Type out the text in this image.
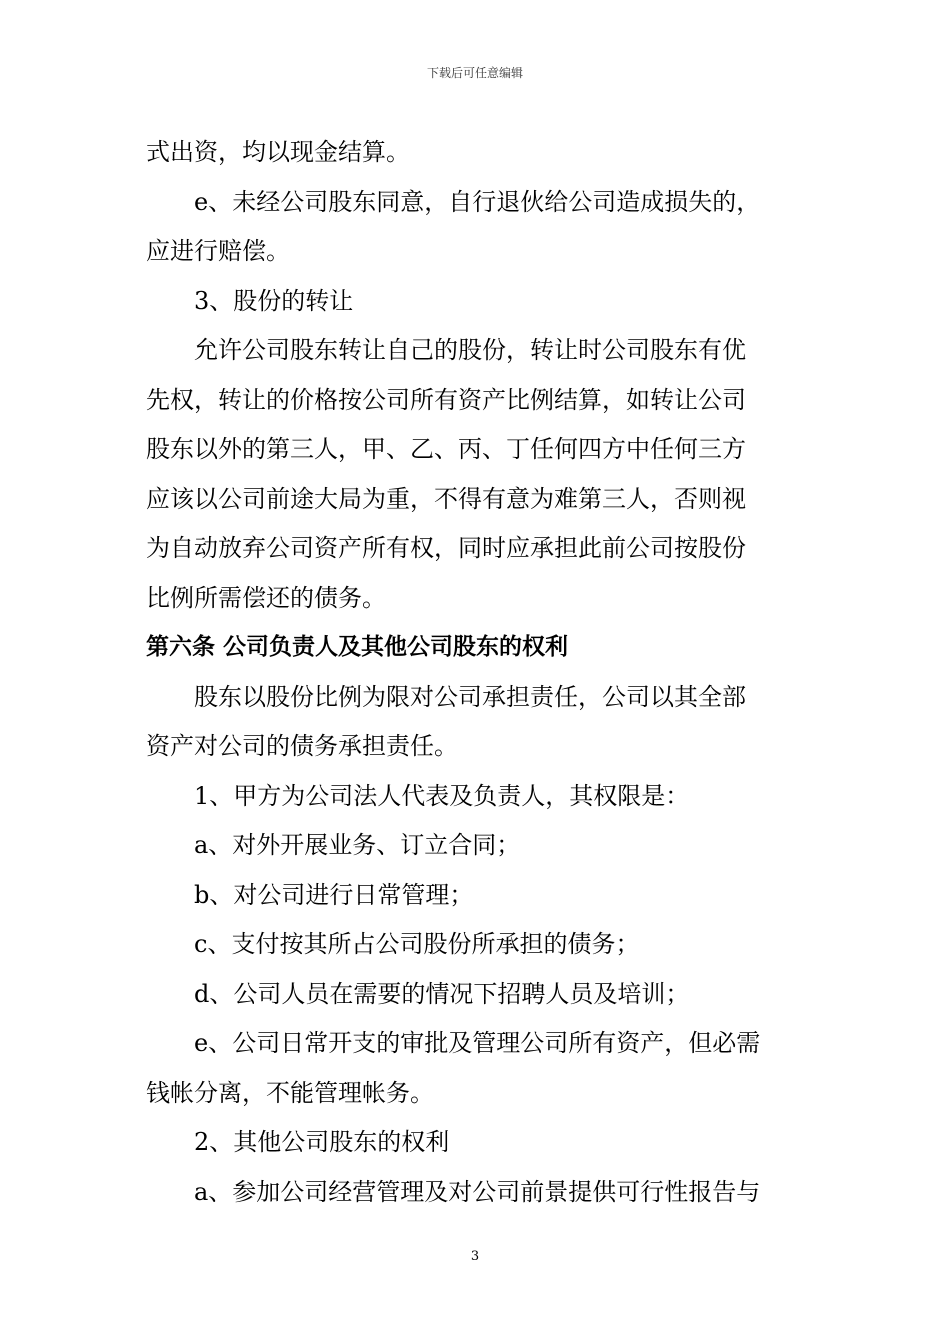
下载后可任意编辑

式出资，均以现金结算。

e、未经公司股东同意，自行退伙给公司造成损失的，

应进行赔偿。

3、股份的转让

允许公司股东转让自己的股份，转让时公司股东有优

先权，转让的价格按公司所有资产比例结算，如转让公司

股东以外的第三人，甲、乙、丙、丁任何四方中任何三方

应该以公司前途大局为重，不得有意为难第三人，否则视

为自动放弃公司资产所有权，同时应承担此前公司按股份

比例所需偿还的债务。

第六条 公司负责人及其他公司股东的权利

股东以股份比例为限对公司承担责任，公司以其全部

资产对公司的债务承担责任。

1、甲方为公司法人代表及负责人，其权限是：

a、对外开展业务、订立合同；

b、对公司进行日常管理；

c、支付按其所占公司股份所承担的债务；

d、公司人员在需要的情况下招聘人员及培训；

e、公司日常开支的审批及管理公司所有资产，但必需

钱帐分离，不能管理帐务。

2、其他公司股东的权利

a、参加公司经营管理及对公司前景提供可行性报告与

3
